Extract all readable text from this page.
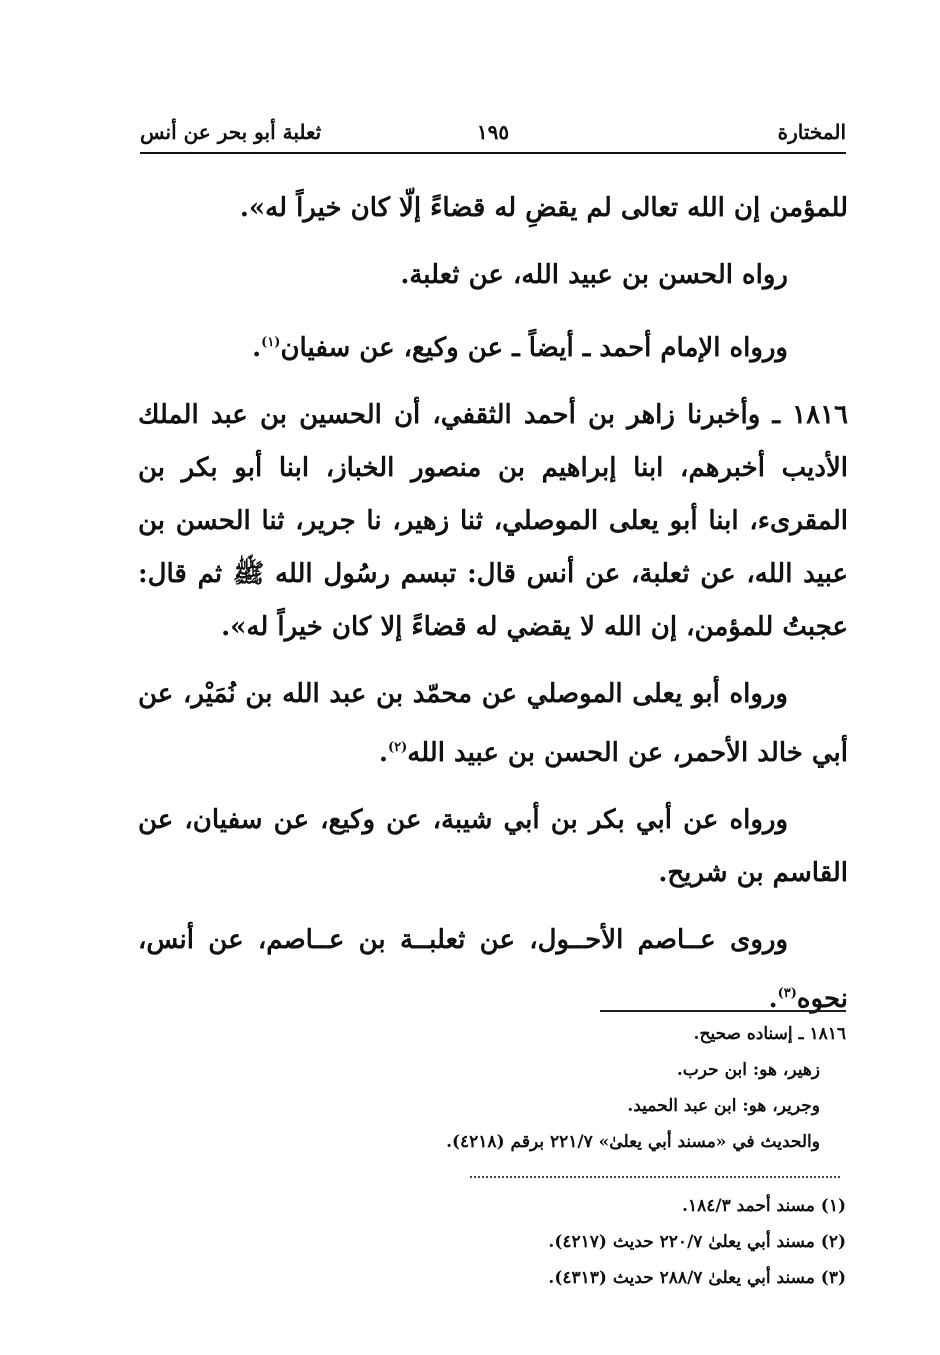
المختارة
١٩٥
ثعلبة أبو بحر عن أنس

للمؤمن إن الله تعالى لم يقضِ له قضاءً إلّا كان خيراً له».

رواه الحسن بن عبيد الله، عن ثعلبة.

ورواه الإمام أحمد ـ أيضاً ـ عن وكيع، عن سفيان$^{(١)}$.

١٨١٦ ـ وأخبرنا زاهر بن أحمد الثقفي، أن الحسين بن عبد الملك الأديب أخبرهم، ابنا إبراهيم بن منصور الخباز، ابنا أبو بكر بن المقرىء، ابنا أبو يعلى الموصلي، ثنا زهير، نا جرير، ثنا الحسن بن عبيد الله، عن ثعلبة، عن أنس قال: تبسم رسُول الله ﷺ ثم قال: عجبتُ للمؤمن، إن الله لا يقضي له قضاءً إلا كان خيراً له».

ورواه أبو يعلى الموصلي عن محمّد بن عبد الله بن نُمَيْر، عن أبي خالد الأحمر، عن الحسن بن عبيد الله$^{(٢)}$.

ورواه عن أبي بكر بن أبي شيبة، عن وكيع، عن سفيان، عن القاسم بن شريح.

وروى عــاصم الأحــول، عن ثعلبــة بن عــاصم، عن أنس، نحوه$^{(٣)}$.

١٨١٦ ـ إسناده صحيح.

زهير، هو: ابن حرب.

وجرير، هو: ابن عبد الحميد.

والحديث في «مسند أبي يعلىٰ» ٢٢١/٧ برقم (٤٢١٨).

(١) مسند أحمد ١٨٤/٣.

(٢) مسند أبي يعلىٰ ٢٢٠/٧ حديث (٤٢١٧).

(٣) مسند أبي يعلىٰ ٢٨٨/٧ حديث (٤٣١٣).
